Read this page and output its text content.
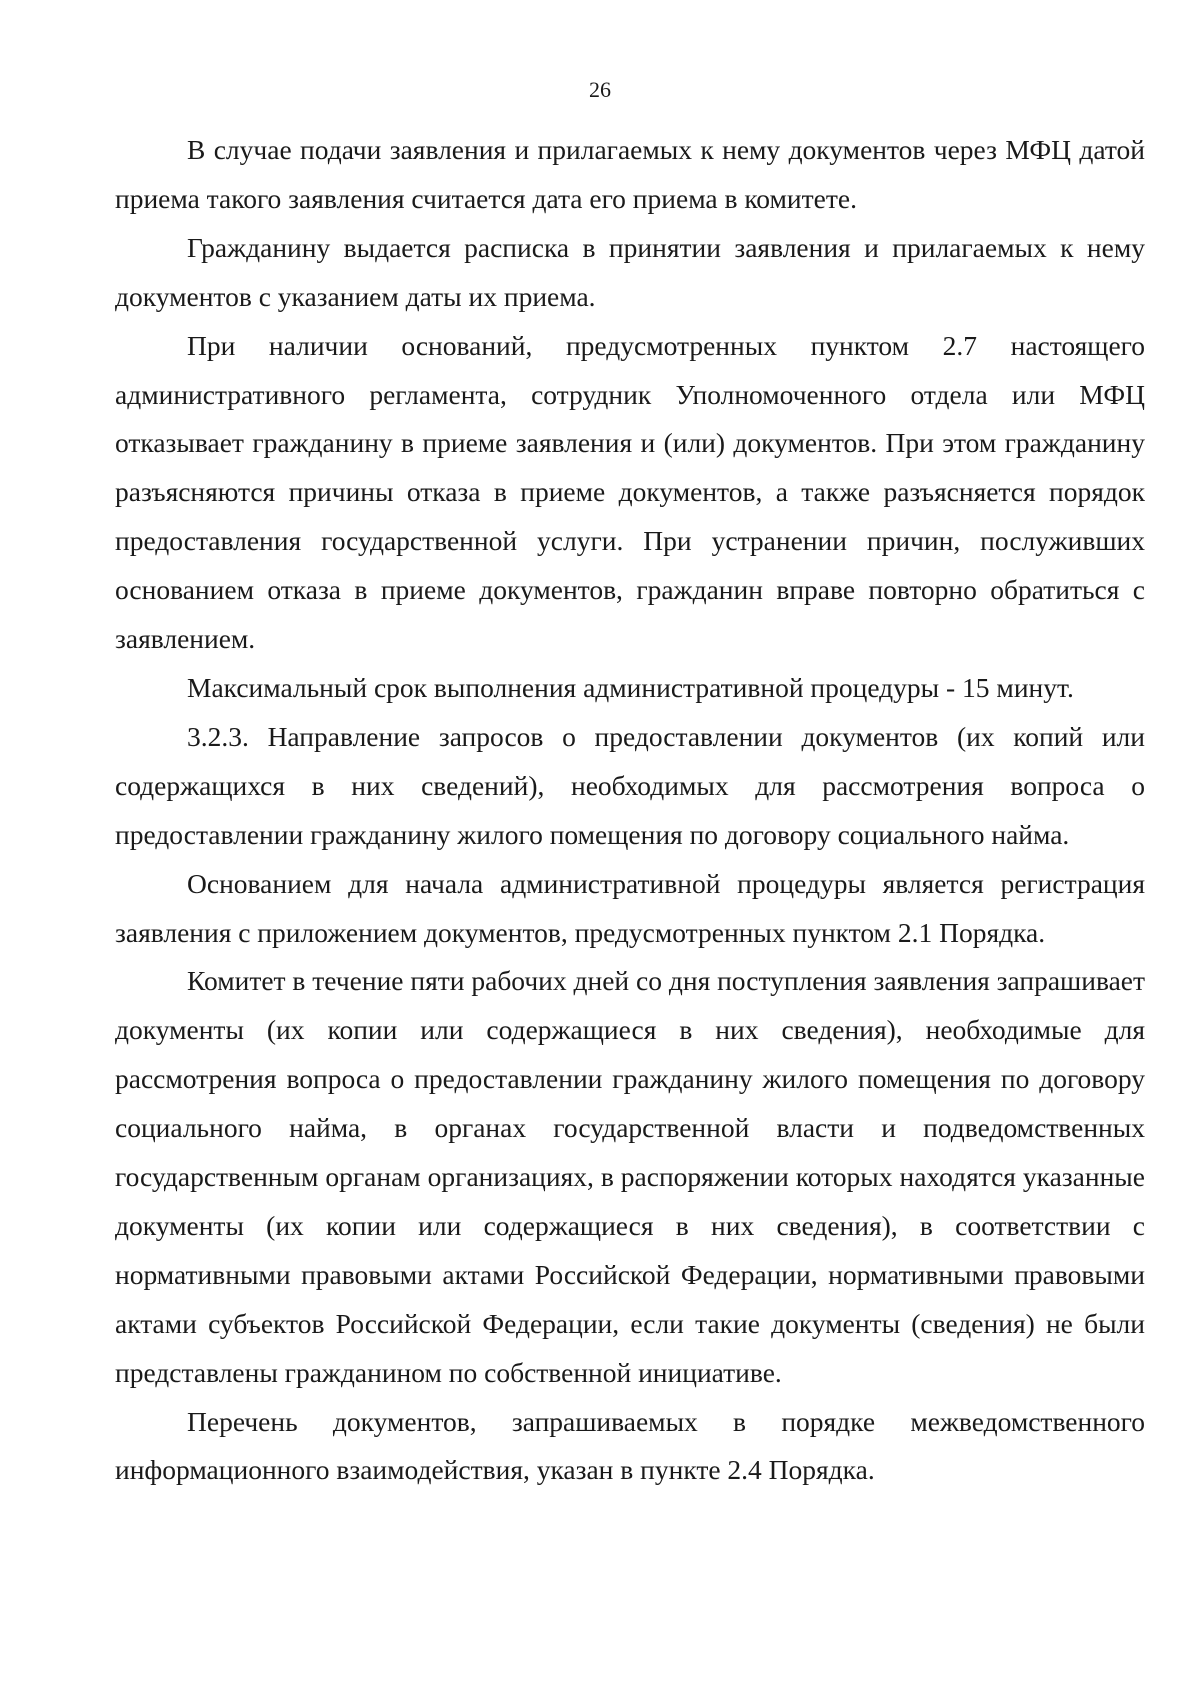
26

В случае подачи заявления и прилагаемых к нему документов через МФЦ датой приема такого заявления считается дата его приема в комитете.

Гражданину выдается расписка в принятии заявления и прилагаемых к нему документов с указанием даты их приема.

При наличии оснований, предусмотренных пунктом 2.7 настоящего административного регламента, сотрудник Уполномоченного отдела или МФЦ отказывает гражданину в приеме заявления и (или) документов. При этом гражданину разъясняются причины отказа в приеме документов, а также разъясняется порядок предоставления государственной услуги. При устранении причин, послуживших основанием отказа в приеме документов, гражданин вправе повторно обратиться с заявлением.

Максимальный срок выполнения административной процедуры - 15 минут.

3.2.3. Направление запросов о предоставлении документов (их копий или содержащихся в них сведений), необходимых для рассмотрения вопроса о предоставлении гражданину жилого помещения по договору социального найма.

Основанием для начала административной процедуры является регистрация заявления с приложением документов, предусмотренных пунктом 2.1 Порядка.

Комитет в течение пяти рабочих дней со дня поступления заявления запрашивает документы (их копии или содержащиеся в них сведения), необходимые для рассмотрения вопроса о предоставлении гражданину жилого помещения по договору социального найма, в органах государственной власти и подведомственных государственным органам организациях, в распоряжении которых находятся указанные документы (их копии или содержащиеся в них сведения), в соответствии с нормативными правовыми актами Российской Федерации, нормативными правовыми актами субъектов Российской Федерации, если такие документы (сведения) не были представлены гражданином по собственной инициативе.

Перечень документов, запрашиваемых в порядке межведомственного информационного взаимодействия, указан в пункте 2.4 Порядка.
